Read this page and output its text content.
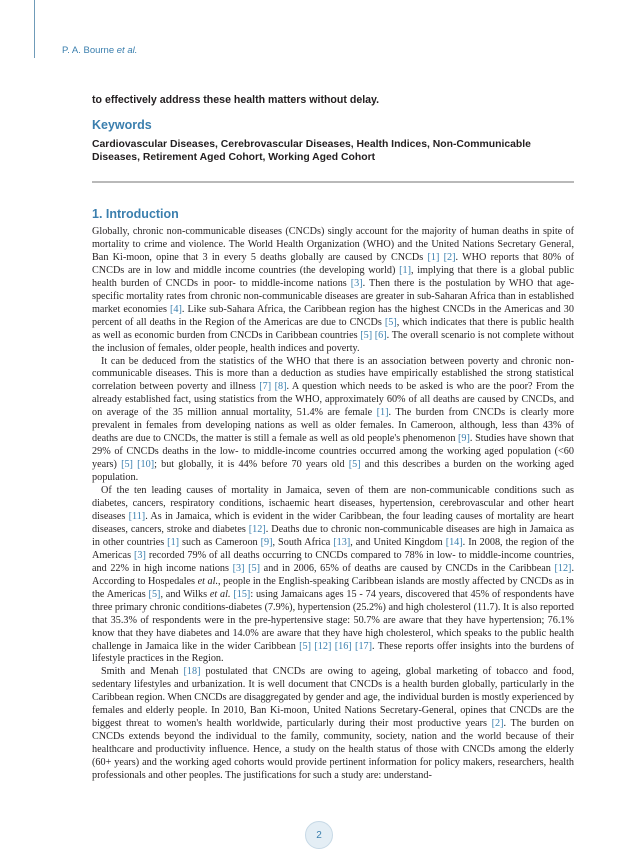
P. A. Bourne et al.
to effectively address these health matters without delay.
Keywords
Cardiovascular Diseases, Cerebrovascular Diseases, Health Indices, Non-Communicable Diseases, Retirement Aged Cohort, Working Aged Cohort
1. Introduction

Globally, chronic non-communicable diseases (CNCDs) singly account for the majority of human deaths in spite of mortality to crime and violence. The World Health Organization (WHO) and the United Nations Secretary General, Ban Ki-moon, opine that 3 in every 5 deaths globally are caused by CNCDs [1] [2]. WHO reports that 80% of CNCDs are in low and middle income countries (the developing world) [1], implying that there is a global public health burden of CNCDs in poor- to middle-income nations [3]. Then there is the postulation by WHO that age-specific mortality rates from chronic non-communicable diseases are greater in sub-Saharan Africa than in established market economies [4]. Like sub-Sahara Africa, the Caribbean region has the highest CNCDs in the Americas and 30 percent of all deaths in the Region of the Americas are due to CNCDs [5], which indicates that there is public health as well as economic burden from CNCDs in Caribbean countries [5] [6]. The overall scenario is not complete without the inclusion of females, older people, health indices and poverty.

It can be deduced from the statistics of the WHO that there is an association between poverty and chronic non-communicable diseases. This is more than a deduction as studies have empirically established the strong statistical correlation between poverty and illness [7] [8]. A question which needs to be asked is who are the poor? From the already established fact, using statistics from the WHO, approximately 60% of all deaths are caused by CNCDs, and on average of the 35 million annual mortality, 51.4% are female [1]. The burden from CNCDs is clearly more prevalent in females from developing nations as well as older females. In Cameroon, although, less than 43% of deaths are due to CNCDs, the matter is still a female as well as old people's phenomenon [9]. Studies have shown that 29% of CNCDs deaths in the low- to middle-income countries occurred among the working aged population (<60 years) [5] [10]; but globally, it is 44% before 70 years old [5] and this describes a burden on the working aged population.

Of the ten leading causes of mortality in Jamaica, seven of them are non-communicable conditions such as diabetes, cancers, respiratory conditions, ischaemic heart diseases, hypertension, cerebrovascular and other heart diseases [11]. As in Jamaica, which is evident in the wider Caribbean, the four leading causes of mortality are heart diseases, cancers, stroke and diabetes [12]. Deaths due to chronic non-communicable diseases are high in Jamaica as in other countries [1] such as Cameroon [9], South Africa [13], and United Kingdom [14]. In 2008, the region of the Americas [3] recorded 79% of all deaths occurring to CNCDs compared to 78% in low- to middle-income countries, and 22% in high income nations [3] [5] and in 2006, 65% of deaths are caused by CNCDs in the Caribbean [12]. According to Hospedales et al., people in the English-speaking Caribbean islands are mostly affected by CNCDs as in the Americas [5], and Wilks et al. [15]: using Jamaicans ages 15 - 74 years, discovered that 45% of respondents have three primary chronic conditions-diabetes (7.9%), hypertension (25.2%) and high cholesterol (11.7). It is also reported that 35.3% of respondents were in the pre-hypertensive stage: 50.7% are aware that they have hypertension; 76.1% know that they have diabetes and 14.0% are aware that they have high cholesterol, which speaks to the public health challenge in Jamaica like in the wider Caribbean [5] [12] [16] [17]. These reports offer insights into the burdens of lifestyle practices in the Region.

Smith and Menah [18] postulated that CNCDs are owing to ageing, global marketing of tobacco and food, sedentary lifestyles and urbanization. It is well document that CNCDs is a health burden globally, particularly in the Caribbean region. When CNCDs are disaggregated by gender and age, the individual burden is mostly experienced by females and elderly people. In 2010, Ban Ki-moon, United Nations Secretary-General, opines that CNCDs are the biggest threat to women's health worldwide, particularly during their most productive years [2]. The burden on CNCDs extends beyond the individual to the family, community, society, nation and the world because of their healthcare and productivity influence. Hence, a study on the health status of those with CNCDs among the elderly (60+ years) and the working aged cohorts would provide pertinent information for policy makers, researchers, health professionals and other peoples. The justifications for such a study are: understand-

2
